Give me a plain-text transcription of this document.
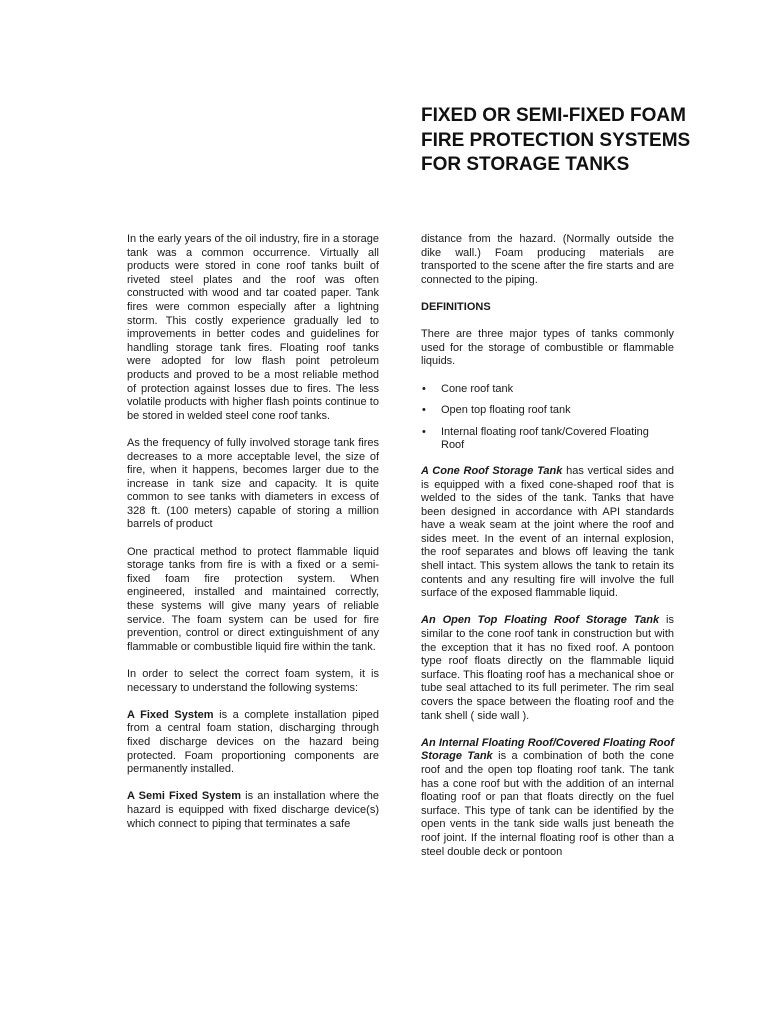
FIXED OR SEMI-FIXED FOAM FIRE PROTECTION SYSTEMS FOR STORAGE TANKS

In the early years of the oil industry, fire in a storage tank was a common occurrence. Virtually all products were stored in cone roof tanks built of riveted steel plates and the roof was often constructed with wood and tar coated paper. Tank fires were common especially after a lightning storm. This costly experience gradually led to improvements in better codes and guidelines for handling storage tank fires. Floating roof tanks were adopted for low flash point petroleum products and proved to be a most reliable method of protection against losses due to fires. The less volatile products with higher flash points continue to be stored in welded steel cone roof tanks.

As the frequency of fully involved storage tank fires decreases to a more acceptable level, the size of fire, when it happens, becomes larger due to the increase in tank size and capacity. It is quite common to see tanks with diameters in excess of 328 ft. (100 meters) capable of storing a million barrels of product

One practical method to protect flammable liquid storage tanks from fire is with a fixed or a semi-fixed foam fire protection system. When engineered, installed and maintained correctly, these systems will give many years of reliable service. The foam system can be used for fire prevention, control or direct extinguishment of any flammable or combustible liquid fire within the tank.

In order to select the correct foam system, it is necessary to understand the following systems:

A Fixed System is a complete installation piped from a central foam station, discharging through fixed discharge devices on the hazard being protected. Foam proportioning components are permanently installed.

A Semi Fixed System is an installation where the hazard is equipped with fixed discharge device(s) which connect to piping that terminates a safe

distance from the hazard. (Normally outside the dike wall.) Foam producing materials are transported to the scene after the fire starts and are connected to the piping.

DEFINITIONS

There are three major types of tanks commonly used for the storage of combustible or flammable liquids.

• Cone roof tank
• Open top floating roof tank
• Internal floating roof tank/Covered Floating Roof

A Cone Roof Storage Tank has vertical sides and is equipped with a fixed cone-shaped roof that is welded to the sides of the tank. Tanks that have been designed in accordance with API standards have a weak seam at the joint where the roof and sides meet. In the event of an internal explosion, the roof separates and blows off leaving the tank shell intact. This system allows the tank to retain its contents and any resulting fire will involve the full surface of the exposed flammable liquid.

An Open Top Floating Roof Storage Tank is similar to the cone roof tank in construction but with the exception that it has no fixed roof. A pontoon type roof floats directly on the flammable liquid surface. This floating roof has a mechanical shoe or tube seal attached to its full perimeter. The rim seal covers the space between the floating roof and the tank shell ( side wall ).

An Internal Floating Roof/Covered Floating Roof Storage Tank is a combination of both the cone roof and the open top floating roof tank. The tank has a cone roof but with the addition of an internal floating roof or pan that floats directly on the fuel surface. This type of tank can be identified by the open vents in the tank side walls just beneath the roof joint. If the internal floating roof is other than a steel double deck or pontoon
